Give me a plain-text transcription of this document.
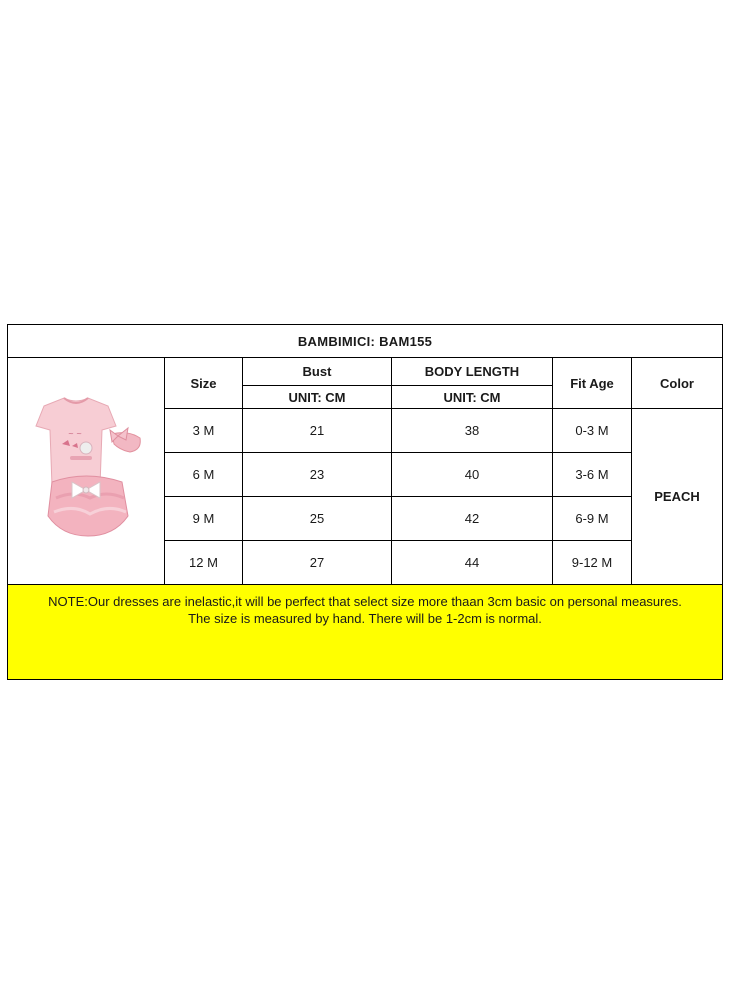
BAMBIMICI: BAM155					

~ ~	Size	Bust	BODY LENGTH	Fit Age	Color
		UNIT: CM	UNIT: CM		
	3 M	21	38	0-3 M	PEACH
	6 M	23	40	3-6 M	
	9 M	25	42	6-9 M	
	12 M	27	44	9-12 M	

NOTE:Our dresses are inelastic,it will be perfect that select size more thaan 3cm basic on personal measures.
The size is measured by hand. There will be 1-2cm is normal.					
